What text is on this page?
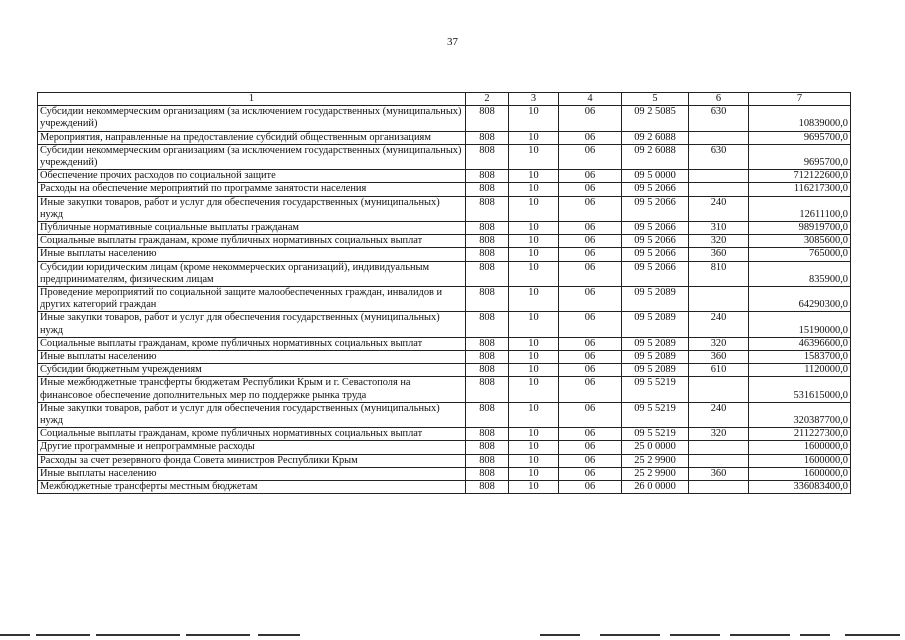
37
1	2	3	4	5	6	7
Субсидии некоммерческим организациям (за исключением государственных (муниципальных) учреждений)	808	10	06	09 2 5085	630	10839000,0
Мероприятия, направленные на предоставление субсидий общественным организациям	808	10	06	09 2 6088		9695700,0
Субсидии некоммерческим организациям (за исключением государственных (муниципальных) учреждений)	808	10	06	09 2 6088	630	9695700,0
Обеспечение прочих расходов по социальной защите	808	10	06	09 5 0000		712122600,0
Расходы на обеспечение мероприятий по программе занятости населения	808	10	06	09 5 2066		116217300,0
Иные закупки товаров, работ и услуг для обеспечения государственных (муниципальных) нужд	808	10	06	09 5 2066	240	12611100,0
Публичные нормативные социальные выплаты гражданам	808	10	06	09 5 2066	310	98919700,0
Социальные выплаты гражданам, кроме публичных нормативных социальных выплат	808	10	06	09 5 2066	320	3085600,0
Иные выплаты населению	808	10	06	09 5 2066	360	765000,0
Субсидии юридическим лицам (кроме некоммерческих организаций), индивидуальным предпринимателям, физическим лицам	808	10	06	09 5 2066	810	835900,0
Проведение мероприятий по социальной защите малообеспеченных граждан, инвалидов и других категорий граждан	808	10	06	09 5 2089		64290300,0
Иные закупки товаров, работ и услуг для обеспечения государственных (муниципальных) нужд	808	10	06	09 5 2089	240	15190000,0
Социальные выплаты гражданам, кроме публичных нормативных социальных выплат	808	10	06	09 5 2089	320	46396600,0
Иные выплаты населению	808	10	06	09 5 2089	360	1583700,0
Субсидии бюджетным учреждениям	808	10	06	09 5 2089	610	1120000,0
Иные межбюджетные трансферты бюджетам Республики Крым и г. Севастополя на финансовое обеспечение дополнительных мер по поддержке рынка труда	808	10	06	09 5 5219		531615000,0
Иные закупки товаров, работ и услуг для обеспечения государственных (муниципальных) нужд	808	10	06	09 5 5219	240	320387700,0
Социальные выплаты гражданам, кроме публичных нормативных социальных выплат	808	10	06	09 5 5219	320	211227300,0
Другие программные и непрограммные расходы	808	10	06	25 0 0000		1600000,0
Расходы за счет резервного фонда Совета министров Республики Крым	808	10	06	25 2 9900		1600000,0
Иные выплаты населению	808	10	06	25 2 9900	360	1600000,0
Межбюджетные трансферты местным бюджетам	808	10	06	26 0 0000		336083400,0
